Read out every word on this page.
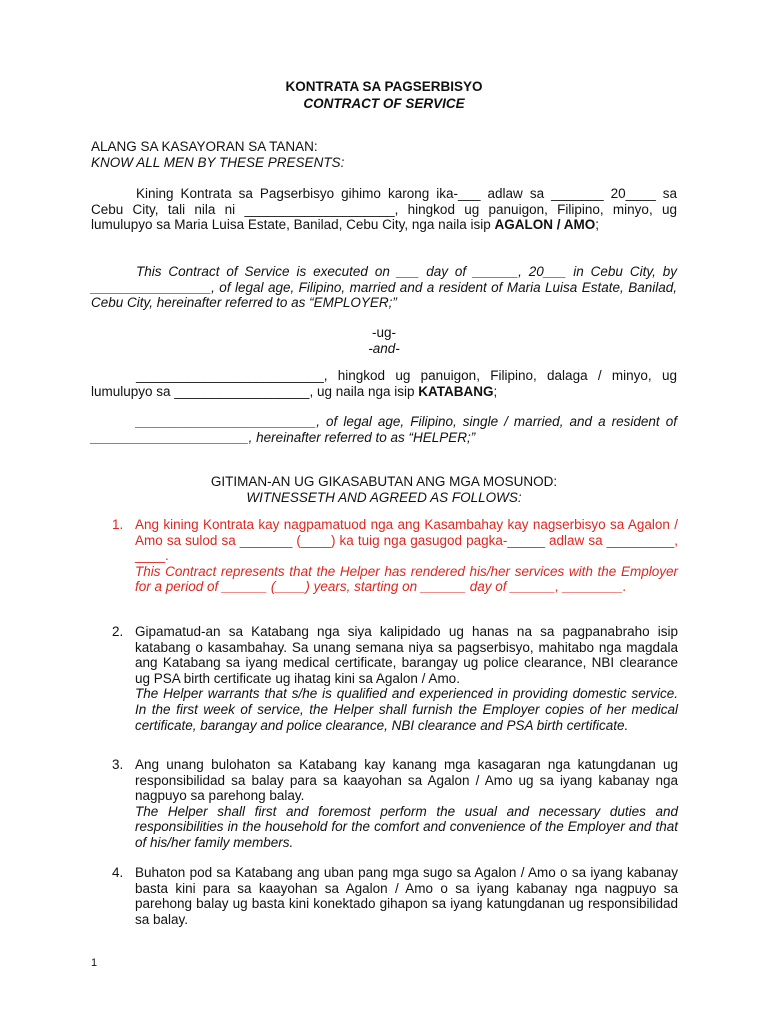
KONTRATA SA PAGSERBISYO
CONTRACT OF SERVICE
ALANG SA KASAYORAN SA TANAN:
KNOW ALL MEN BY THESE PRESENTS:
Kining Kontrata sa Pagserbisyo gihimo karong ika-___ adlaw sa _______ 20____ sa Cebu City, tali nila ni ____________________, hingkod ug panuigon, Filipino, minyo, ug lumulupyo sa Maria Luisa Estate, Banilad, Cebu City, nga naila isip AGALON / AMO;
This Contract of Service is executed on ___ day of ______, 20___ in Cebu City, by ________________, of legal age, Filipino, married and a resident of Maria Luisa Estate, Banilad, Cebu City, hereinafter referred to as “EMPLOYER;”
-ug-
-and-
_________________________, hingkod ug panuigon, Filipino, dalaga / minyo, ug lumulupyo sa __________________, ug naila nga isip KATABANG;
________________________, of legal age, Filipino, single / married, and a resident of _____________________, hereinafter referred to as “HELPER;”
GITIMAN-AN UG GIKASABUTAN ANG MGA MOSUNOD:
WITNESSETH AND AGREED AS FOLLOWS:
1. Ang kining Kontrata kay nagpamatuod nga ang Kasambahay kay nagserbisyo sa Agalon / Amo sa sulod sa _______ (____) ka tuig nga gasugod pagka-_____ adlaw sa _________, ____.
This Contract represents that the Helper has rendered his/her services with the Employer for a period of ______ (____) years, starting on ______ day of ______, ________.
2. Gipamatud-an sa Katabang nga siya kalipidado ug hanas na sa pagpanabraho isip katabang o kasambahay. Sa unang semana niya sa pagserbisyo, mahitabo nga magdala ang Katabang sa iyang medical certificate, barangay ug police clearance, NBI clearance ug PSA birth certificate ug ihatag kini sa Agalon / Amo.
The Helper warrants that s/he is qualified and experienced in providing domestic service. In the first week of service, the Helper shall furnish the Employer copies of her medical certificate, barangay and police clearance, NBI clearance and PSA birth certificate.
3. Ang unang bulohaton sa Katabang kay kanang mga kasagaran nga katungdanan ug responsibilidad sa balay para sa kaayohan sa Agalon / Amo ug sa iyang kabanay nga nagpuyo sa parehong balay.
The Helper shall first and foremost perform the usual and necessary duties and responsibilities in the household for the comfort and convenience of the Employer and that of his/her family members.
4. Buhaton pod sa Katabang ang uban pang mga sugo sa Agalon / Amo o sa iyang kabanay basta kini para sa kaayohan sa Agalon / Amo o sa iyang kabanay nga nagpuyo sa parehong balay ug basta kini konektado gihapon sa iyang katungdanan ug responsibilidad sa balay.
1
